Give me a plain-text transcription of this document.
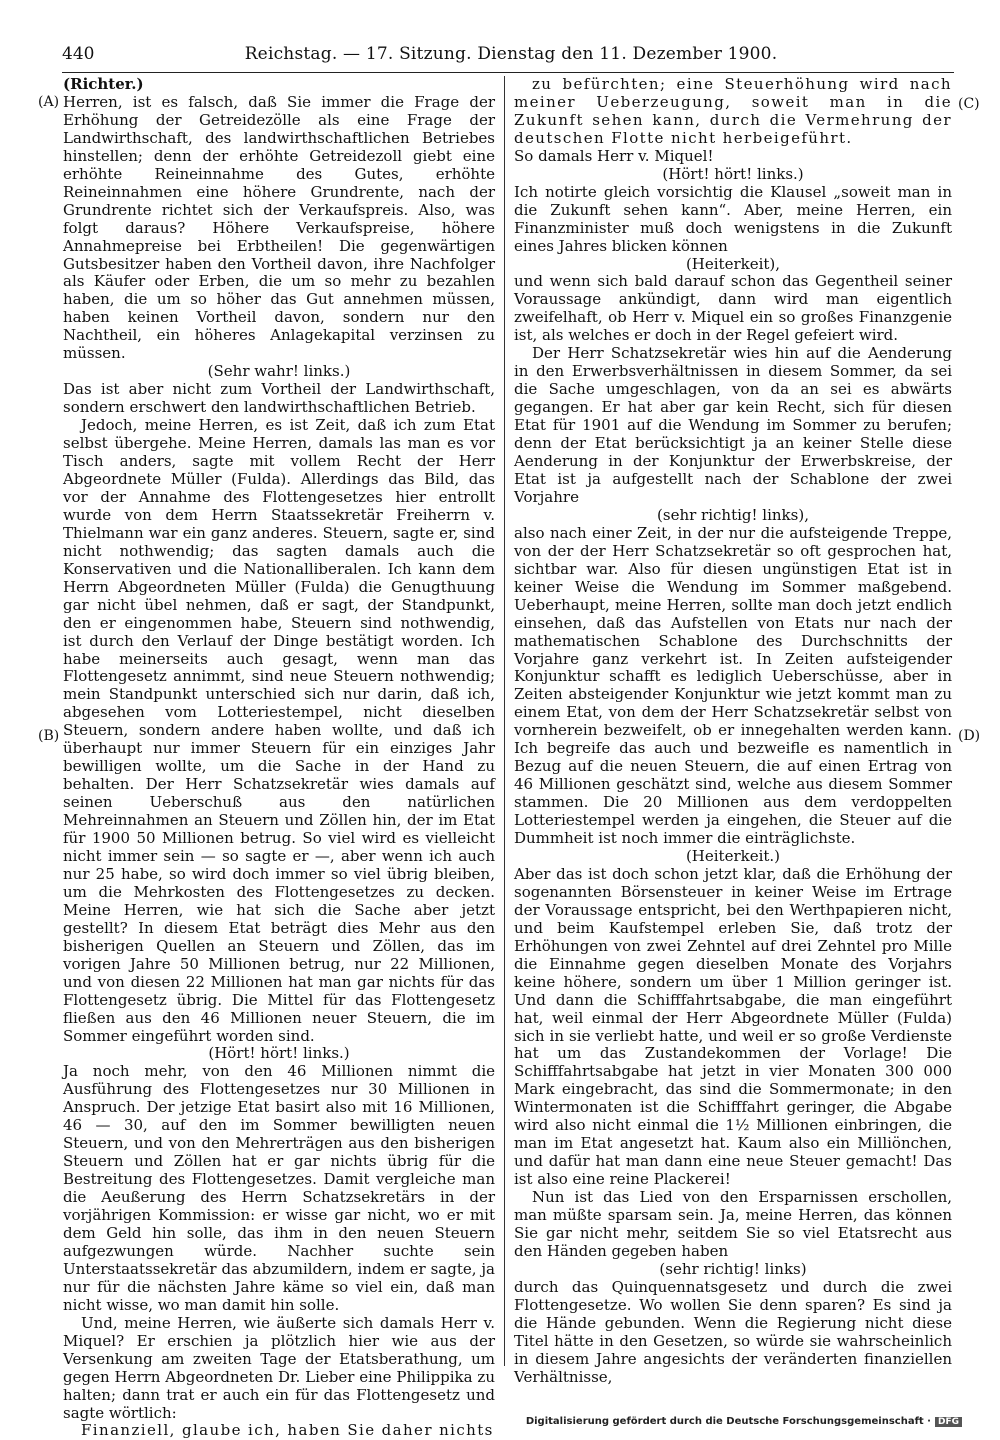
440	Reichstag. — 17. Sitzung. Dienstag den 11. Dezember 1900.
(A)
(B)
(C)
(D)

(Richter.)

Herren, ist es falsch, daß Sie immer die Frage der Erhöhung der Getreidezölle als eine Frage der Landwirthschaft, des landwirthschaftlichen Betriebes hinstellen; denn der erhöhte Getreidezoll giebt eine erhöhte Reineinnahme des Gutes, erhöhte Reineinnahmen eine höhere Grundrente, nach der Grundrente richtet sich der Verkaufspreis. Also, was folgt daraus? Höhere Verkaufspreise, höhere Annahmepreise bei Erbtheilen! Die gegenwärtigen Gutsbesitzer haben den Vortheil davon, ihre Nachfolger als Käufer oder Erben, die um so mehr zu bezahlen haben, die um so höher das Gut annehmen müssen, haben keinen Vortheil davon, sondern nur den Nachtheil, ein höheres Anlagekapital verzinsen zu müssen.

(Sehr wahr! links.)

Das ist aber nicht zum Vortheil der Landwirthschaft, sondern erschwert den landwirthschaftlichen Betrieb.

Jedoch, meine Herren, es ist Zeit, daß ich zum Etat selbst übergehe. Meine Herren, damals las man es vor Tisch anders, sagte mit vollem Recht der Herr Abgeordnete Müller (Fulda). Allerdings das Bild, das vor der Annahme des Flottengesetzes hier entrollt wurde von dem Herrn Staatssekretär Freiherrn v. Thielmann war ein ganz anderes. Steuern, sagte er, sind nicht nothwendig; das sagten damals auch die Konservativen und die Nationalliberalen. Ich kann dem Herrn Abgeordneten Müller (Fulda) die Genugthuung gar nicht übel nehmen, daß er sagt, der Standpunkt, den er eingenommen habe, Steuern sind nothwendig, ist durch den Verlauf der Dinge bestätigt worden. Ich habe meinerseits auch gesagt, wenn man das Flottengesetz annimmt, sind neue Steuern nothwendig; mein Standpunkt unterschied sich nur darin, daß ich, abgesehen vom Lotteriestempel, nicht dieselben Steuern, sondern andere haben wollte, und daß ich überhaupt nur immer Steuern für ein einziges Jahr bewilligen wollte, um die Sache in der Hand zu behalten. Der Herr Schatzsekretär wies damals auf seinen Ueberschuß aus den natürlichen Mehreinnahmen an Steuern und Zöllen hin, der im Etat für 1900 50 Millionen betrug. So viel wird es vielleicht nicht immer sein — so sagte er —, aber wenn ich auch nur 25 habe, so wird doch immer so viel übrig bleiben, um die Mehrkosten des Flottengesetzes zu decken. Meine Herren, wie hat sich die Sache aber jetzt gestellt? In diesem Etat beträgt dies Mehr aus den bisherigen Quellen an Steuern und Zöllen, das im vorigen Jahre 50 Millionen betrug, nur 22 Millionen, und von diesen 22 Millionen hat man gar nichts für das Flottengesetz übrig. Die Mittel für das Flottengesetz fließen aus den 46 Millionen neuer Steuern, die im Sommer eingeführt worden sind.

(Hört! hört! links.)

Ja noch mehr, von den 46 Millionen nimmt die Ausführung des Flottengesetzes nur 30 Millionen in Anspruch. Der jetzige Etat basirt also mit 16 Millionen, 46 — 30, auf den im Sommer bewilligten neuen Steuern, und von den Mehrerträgen aus den bisherigen Steuern und Zöllen hat er gar nichts übrig für die Bestreitung des Flottengesetzes. Damit vergleiche man die Aeußerung des Herrn Schatzsekretärs in der vorjährigen Kommission: er wisse gar nicht, wo er mit dem Geld hin solle, das ihm in den neuen Steuern aufgezwungen würde. Nachher suchte sein Unterstaatssekretär das abzumildern, indem er sagte, ja nur für die nächsten Jahre käme so viel ein, daß man nicht wisse, wo man damit hin solle.

Und, meine Herren, wie äußerte sich damals Herr v. Miquel? Er erschien ja plötzlich hier wie aus der Versenkung am zweiten Tage der Etatsberathung, um gegen Herrn Abgeordneten Dr. Lieber eine Philippika zu halten; dann trat er auch ein für das Flottengesetz und sagte wörtlich:

Finanziell, glaube ich, haben Sie daher nichts

zu befürchten; eine Steuerhöhung wird nach meiner Ueberzeugung, soweit man in die Zukunft sehen kann, durch die Vermehrung der deutschen Flotte nicht herbeigeführt.

So damals Herr v. Miquel!

(Hört! hört! links.)

Ich notirte gleich vorsichtig die Klausel „soweit man in die Zukunft sehen kann“. Aber, meine Herren, ein Finanzminister muß doch wenigstens in die Zukunft eines Jahres blicken können

(Heiterkeit),

und wenn sich bald darauf schon das Gegentheil seiner Voraussage ankündigt, dann wird man eigentlich zweifelhaft, ob Herr v. Miquel ein so großes Finanzgenie ist, als welches er doch in der Regel gefeiert wird.

Der Herr Schatzsekretär wies hin auf die Aenderung in den Erwerbsverhältnissen in diesem Sommer, da sei die Sache umgeschlagen, von da an sei es abwärts gegangen. Er hat aber gar kein Recht, sich für diesen Etat für 1901 auf die Wendung im Sommer zu berufen; denn der Etat berücksichtigt ja an keiner Stelle diese Aenderung in der Konjunktur der Erwerbskreise, der Etat ist ja aufgestellt nach der Schablone der zwei Vorjahre

(sehr richtig! links),

also nach einer Zeit, in der nur die aufsteigende Treppe, von der der Herr Schatzsekretär so oft gesprochen hat, sichtbar war. Also für diesen ungünstigen Etat ist in keiner Weise die Wendung im Sommer maßgebend. Ueberhaupt, meine Herren, sollte man doch jetzt endlich einsehen, daß das Aufstellen von Etats nur nach der mathematischen Schablone des Durchschnitts der Vorjahre ganz verkehrt ist. In Zeiten aufsteigender Konjunktur schafft es lediglich Ueberschüsse, aber in Zeiten absteigender Konjunktur wie jetzt kommt man zu einem Etat, von dem der Herr Schatzsekretär selbst von vornherein bezweifelt, ob er innegehalten werden kann. Ich begreife das auch und bezweifle es namentlich in Bezug auf die neuen Steuern, die auf einen Ertrag von 46 Millionen geschätzt sind, welche aus diesem Sommer stammen. Die 20 Millionen aus dem verdoppelten Lotteriestempel werden ja eingehen, die Steuer auf die Dummheit ist noch immer die einträglichste.

(Heiterkeit.)

Aber das ist doch schon jetzt klar, daß die Erhöhung der sogenannten Börsensteuer in keiner Weise im Ertrage der Voraussage entspricht, bei den Werthpapieren nicht, und beim Kaufstempel erleben Sie, daß trotz der Erhöhungen von zwei Zehntel auf drei Zehntel pro Mille die Einnahme gegen dieselben Monate des Vorjahrs keine höhere, sondern um über 1 Million geringer ist. Und dann die Schifffahrtsabgabe, die man eingeführt hat, weil einmal der Herr Abgeordnete Müller (Fulda) sich in sie verliebt hatte, und weil er so große Verdienste hat um das Zustandekommen der Vorlage! Die Schifffahrtsabgabe hat jetzt in vier Monaten 300 000 Mark eingebracht, das sind die Sommermonate; in den Wintermonaten ist die Schifffahrt geringer, die Abgabe wird also nicht einmal die 1½ Millionen einbringen, die man im Etat angesetzt hat. Kaum also ein Milliönchen, und dafür hat man dann eine neue Steuer gemacht! Das ist also eine reine Plackerei!

Nun ist das Lied von den Ersparnissen erschollen, man müßte sparsam sein. Ja, meine Herren, das können Sie gar nicht mehr, seitdem Sie so viel Etatsrecht aus den Händen gegeben haben

(sehr richtig! links)

durch das Quinquennatsgesetz und durch die zwei Flottengesetze. Wo wollen Sie denn sparen? Es sind ja die Hände gebunden. Wenn die Regierung nicht diese Titel hätte in den Gesetzen, so würde sie wahrscheinlich in diesem Jahre angesichts der veränderten finanziellen Verhältnisse,

Digitalisierung gefördert durch die Deutsche Forschungsgemeinschaft · DFG
